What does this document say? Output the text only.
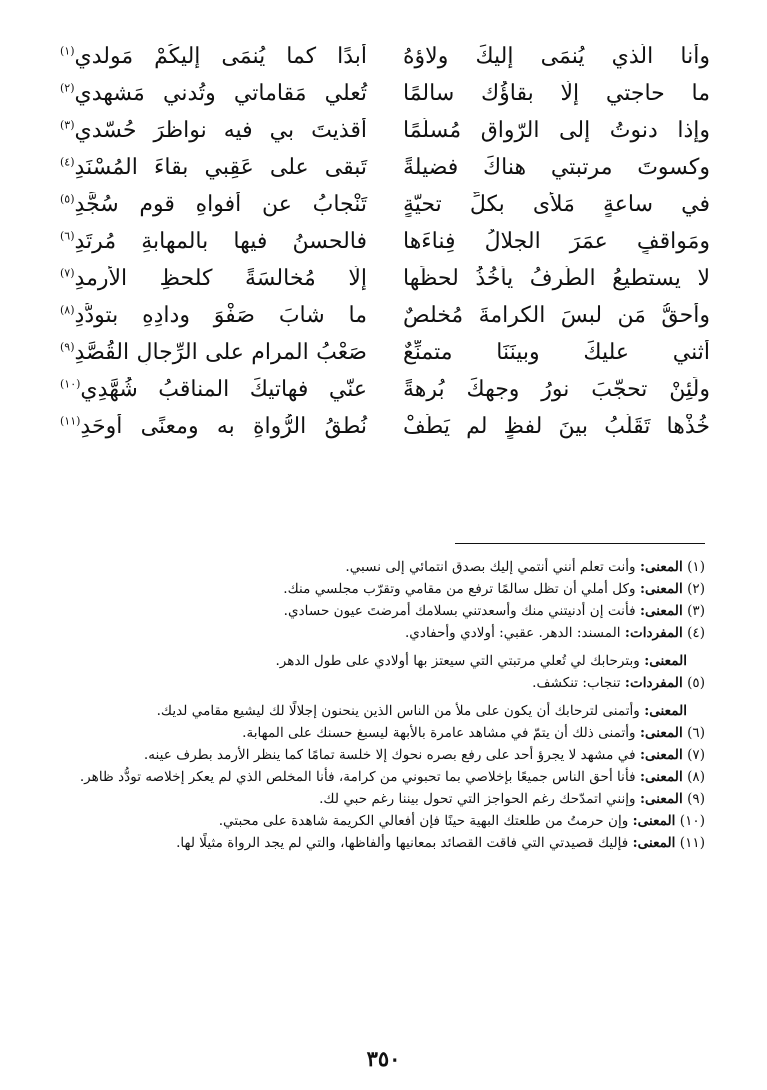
وأنا الّذي يُنمَى إليكَ ولاؤهُ
أبدًا كما يُنمَى إليكُمْ مَولدي$^{(١)}$
ما حاجتي إلّا بقاؤُك سالمًا
تُعلي مَقاماتي وتُدني مَشهدي$^{(٢)}$
وإذا دنوتُ إلى الرّواقِ مُسلّمًا
أقذيتَ بي فيه نواظرَ حُسّدي$^{(٣)}$
وكسوتَ مرتبتي هناكَ فضيلةً
تَبقى على عَقِبي بقاءَ المُسْنَدِ$^{(٤)}$
في ساعةٍ مَلأى بكلِّ تحيّةٍ
تَنْجابُ عن أفواهِ قومٍ سُجَّدِ$^{(٥)}$
ومَواقفٍ عمَرَ الجلالُ فِناءَها
فالحسنُ فيها بالمهابةِ مُرتَدِ$^{(٦)}$
لا يستطيعُ الطّرفُ يأخُذُ لحظَها
إلّا مُخالسَةً كلحظِ الأرمدِ$^{(٧)}$
وأحقُّ مَن لبسَ الكرامةَ مُخلصٌ
ما شابَ صَفْوَ ودادِهِ بتودُّدِ$^{(٨)}$
أُثني عليكَ وبينَنَا متمنِّعٌ
صَعْبُ المرامِ على الرِّجالِ القُصَّدِ$^{(٩)}$
ولَئِنْ تحجّبَ نورُ وجهكَ بُرهةً
عنّي فهاتيكَ المناقبُ شُهَّدِي$^{(١٠)}$
خُذْها تَقَلَّبُ بينَ لفظٍ لم يَطُفْ
نُطقُ الرُّواةِ به ومعنًى أوحَدِ$^{(١١)}$

(١) المعنى: وأنت تعلم أنني أنتمي إليك بصدق انتمائي إلى نسبي.

(٢) المعنى: وكل أملي أن تظل سالمًا ترفع من مقامي وتقرّب مجلسي منك.

(٣) المعنى: فأنت إن أدنيتني منك وأسعدتني بسلامك أمرضتَ عيون حسادي.

(٤) المفردات: المسند: الدهر. عقبي: أولادي وأحفادي.

المعنى: وبترحابك لي تُعلي مرتبتي التي سيعتز بها أولادي على طول الدهر.

(٥) المفردات: تنجاب: تنكشف.

المعنى: وأتمنى لترحابك أن يكون على ملأ من الناس الذين ينحنون إجلالًا لك ليشيع مقامي لديك.

(٦) المعنى: وأتمنى ذلك أن يتمّ في مشاهد عامرة بالأبهة ليسبغ حسنك على المهابة.

(٧) المعنى: في مشهد لا يجرؤ أحد على رفع بصره نحوك إلا خلسة تمامًا كما ينظر الأرمد بطرف عينه.

(٨) المعنى: فأنا أحق الناس جميعًا بإخلاصي بما تحبوني من كرامة، فأنا المخلص الذي لم يعكر إخلاصه تودُّد ظاهر.

(٩) المعنى: وإنني اتمدّحك رغم الحواجز التي تحول بيننا رغم حبي لك.

(١٠) المعنى: وإن حرمتُ من طلعتك البهية حينًا فإن أفعالي الكريمة شاهدة على محبتي.

(١١) المعنى: فإليك قصيدتي التي فاقت القصائد بمعانيها وألفاظها، والتي لم يجد الرواة مثيلًا لها.

٣٥٠
